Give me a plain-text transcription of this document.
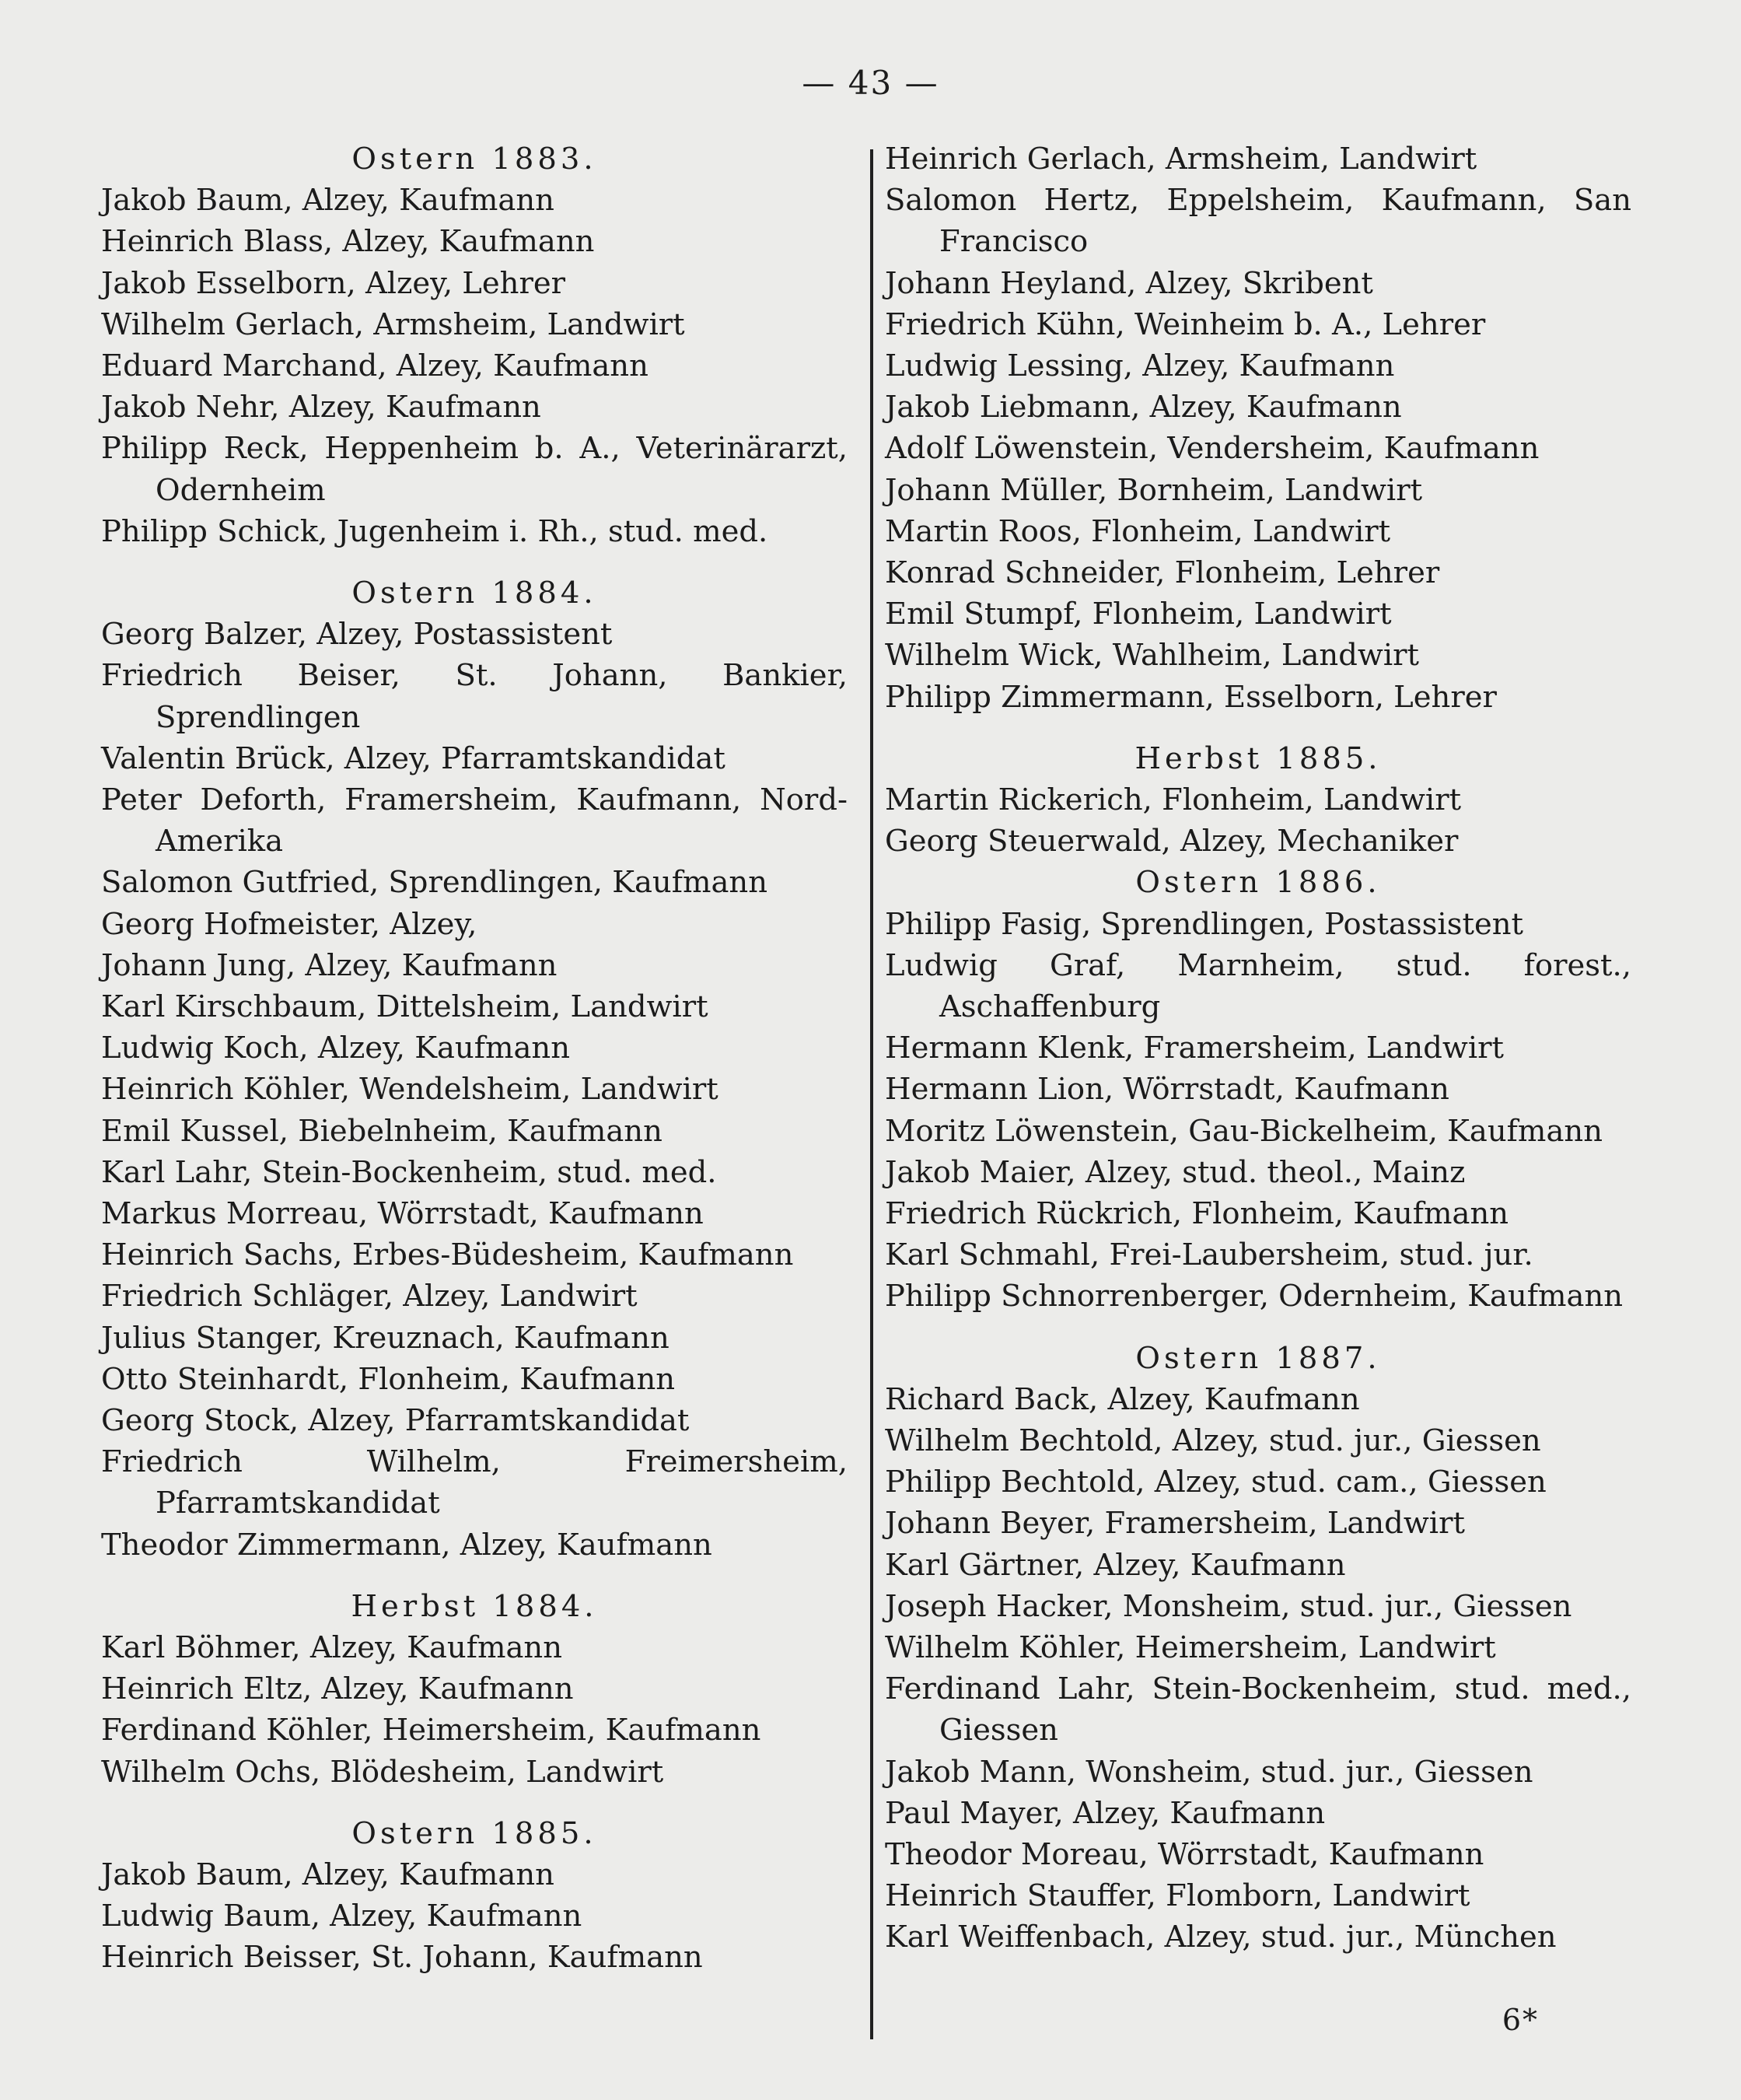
— 43 —
Ostern 1883.

Jakob Baum, Alzey, Kaufmann

Heinrich Blass, Alzey, Kaufmann

Jakob Esselborn, Alzey, Lehrer

Wilhelm Gerlach, Armsheim, Landwirt

Eduard Marchand, Alzey, Kaufmann

Jakob Nehr, Alzey, Kaufmann

Philipp Reck, Heppenheim b. A., Veterinärarzt, Odernheim

Philipp Schick, Jugenheim i. Rh., stud. med.

Ostern 1884.

Georg Balzer, Alzey, Postassistent

Friedrich Beiser, St. Johann, Bankier, Sprendlingen

Valentin Brück, Alzey, Pfarramtskandidat

Peter Deforth, Framersheim, Kaufmann, Nord-Amerika

Salomon Gutfried, Sprendlingen, Kaufmann

Georg Hofmeister, Alzey,

Johann Jung, Alzey, Kaufmann

Karl Kirschbaum, Dittelsheim, Landwirt

Ludwig Koch, Alzey, Kaufmann

Heinrich Köhler, Wendelsheim, Landwirt

Emil Kussel, Biebelnheim, Kaufmann

Karl Lahr, Stein-Bockenheim, stud. med.

Markus Morreau, Wörrstadt, Kaufmann

Heinrich Sachs, Erbes-Büdesheim, Kaufmann

Friedrich Schläger, Alzey, Landwirt

Julius Stanger, Kreuznach, Kaufmann

Otto Steinhardt, Flonheim, Kaufmann

Georg Stock, Alzey, Pfarramtskandidat

Friedrich Wilhelm, Freimersheim, Pfarramtskandidat

Theodor Zimmermann, Alzey, Kaufmann

Herbst 1884.

Karl Böhmer, Alzey, Kaufmann

Heinrich Eltz, Alzey, Kaufmann

Ferdinand Köhler, Heimersheim, Kaufmann

Wilhelm Ochs, Blödesheim, Landwirt

Ostern 1885.

Jakob Baum, Alzey, Kaufmann

Ludwig Baum, Alzey, Kaufmann

Heinrich Beisser, St. Johann, Kaufmann

Heinrich Gerlach, Armsheim, Landwirt

Salomon Hertz, Eppelsheim, Kaufmann, San Francisco

Johann Heyland, Alzey, Skribent

Friedrich Kühn, Weinheim b. A., Lehrer

Ludwig Lessing, Alzey, Kaufmann

Jakob Liebmann, Alzey, Kaufmann

Adolf Löwenstein, Vendersheim, Kaufmann

Johann Müller, Bornheim, Landwirt

Martin Roos, Flonheim, Landwirt

Konrad Schneider, Flonheim, Lehrer

Emil Stumpf, Flonheim, Landwirt

Wilhelm Wick, Wahlheim, Landwirt

Philipp Zimmermann, Esselborn, Lehrer

Herbst 1885.

Martin Rickerich, Flonheim, Landwirt

Georg Steuerwald, Alzey, Mechaniker

Ostern 1886.

Philipp Fasig, Sprendlingen, Postassistent

Ludwig Graf, Marnheim, stud. forest., Aschaffenburg

Hermann Klenk, Framersheim, Landwirt

Hermann Lion, Wörrstadt, Kaufmann

Moritz Löwenstein, Gau-Bickelheim, Kaufmann

Jakob Maier, Alzey, stud. theol., Mainz

Friedrich Rückrich, Flonheim, Kaufmann

Karl Schmahl, Frei-Laubersheim, stud. jur.

Philipp Schnorrenberger, Odernheim, Kaufmann

Ostern 1887.

Richard Back, Alzey, Kaufmann

Wilhelm Bechtold, Alzey, stud. jur., Giessen

Philipp Bechtold, Alzey, stud. cam., Giessen

Johann Beyer, Framersheim, Landwirt

Karl Gärtner, Alzey, Kaufmann

Joseph Hacker, Monsheim, stud. jur., Giessen

Wilhelm Köhler, Heimersheim, Landwirt

Ferdinand Lahr, Stein-Bockenheim, stud. med., Giessen

Jakob Mann, Wonsheim, stud. jur., Giessen

Paul Mayer, Alzey, Kaufmann

Theodor Moreau, Wörrstadt, Kaufmann

Heinrich Stauffer, Flomborn, Landwirt

Karl Weiffenbach, Alzey, stud. jur., München

6*
